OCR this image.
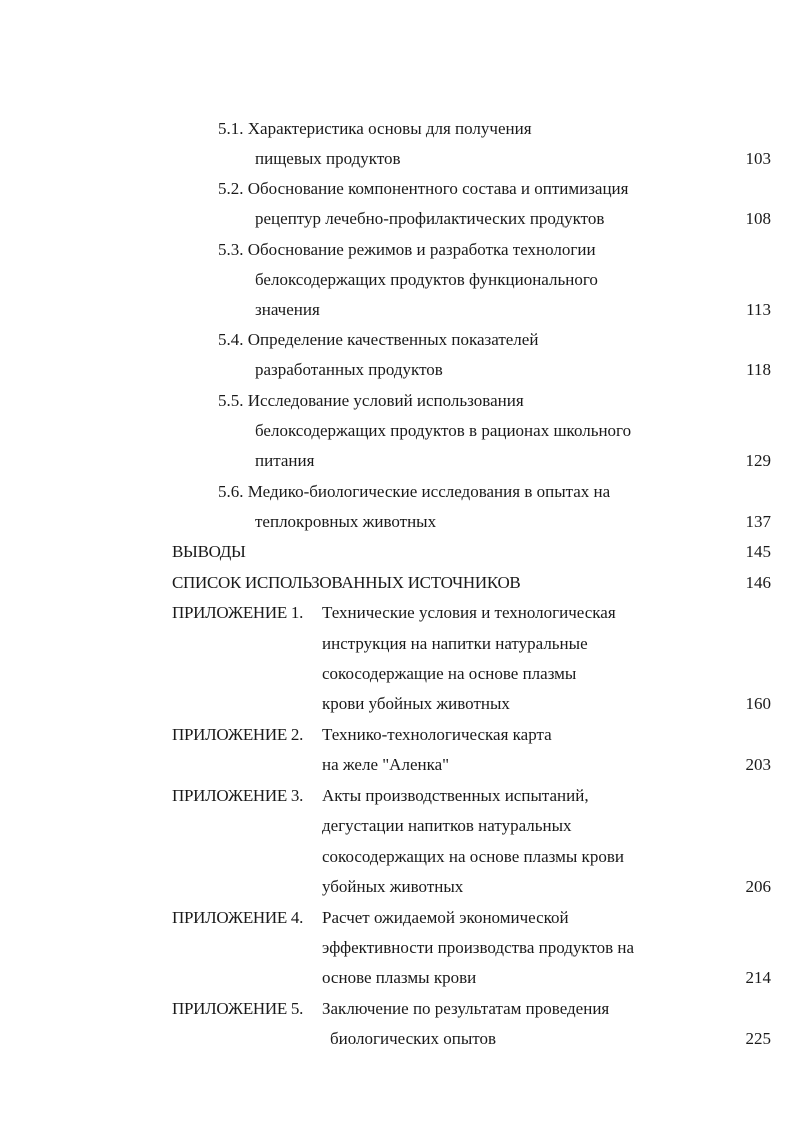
5.1. Характеристика основы для получения
пищевых продуктов	103
5.2. Обоснование компонентного состава и оптимизация
рецептур лечебно-профилактических продуктов	108
5.3. Обоснование режимов и разработка технологии
белоксодержащих продуктов функционального
значения	113
5.4. Определение качественных показателей
разработанных продуктов	118
5.5. Исследование условий использования
белоксодержащих продуктов в рационах школьного
питания	129
5.6. Медико-биологические исследования в опытах на
теплокровных животных	137
ВЫВОДЫ	145
СПИСОК ИСПОЛЬЗОВАННЫХ ИСТОЧНИКОВ	146
ПРИЛОЖЕНИЕ 1. Технические условия и технологическая
инструкция на напитки натуральные
сокосодержащие на основе плазмы
крови убойных животных	160
ПРИЛОЖЕНИЕ 2. Технико-технологическая карта
на желе "Аленка"	203
ПРИЛОЖЕНИЕ 3. Акты производственных испытаний,
дегустации напитков натуральных
сокосодержащих на основе плазмы крови
убойных животных	206
ПРИЛОЖЕНИЕ 4. Расчет ожидаемой экономической
эффективности производства продуктов на
основе плазмы крови	214
ПРИЛОЖЕНИЕ 5. Заключение по результатам проведения
биологических опытов	225
